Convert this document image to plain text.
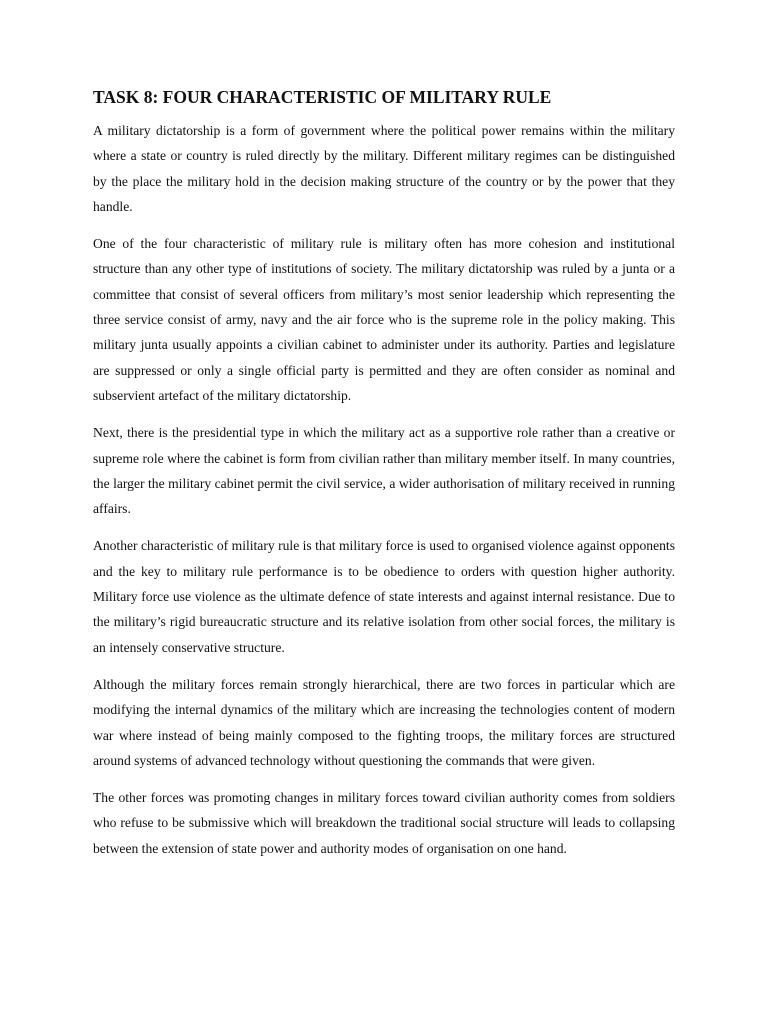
TASK 8: FOUR CHARACTERISTIC OF MILITARY RULE

A military dictatorship is a form of government where the political power remains within the military where a state or country is ruled directly by the military. Different military regimes can be distinguished by the place the military hold in the decision making structure of the country or by the power that they handle.

One of the four characteristic of military rule is military often has more cohesion and institutional structure than any other type of institutions of society. The military dictatorship was ruled by a junta or a committee that consist of several officers from military’s most senior leadership which representing the three service consist of army, navy and the air force who is the supreme role in the policy making. This military junta usually appoints a civilian cabinet to administer under its authority. Parties and legislature are suppressed or only a single official party is permitted and they are often consider as nominal and subservient artefact of the military dictatorship.

Next, there is the presidential type in which the military act as a supportive role rather than a creative or supreme role where the cabinet is form from civilian rather than military member itself. In many countries, the larger the military cabinet permit the civil service, a wider authorisation of military received in running affairs.

Another characteristic of military rule is that military force is used to organised violence against opponents and the key to military rule performance is to be obedience to orders with question higher authority. Military force use violence as the ultimate defence of state interests and against internal resistance. Due to the military’s rigid bureaucratic structure and its relative isolation from other social forces, the military is an intensely conservative structure.

Although the military forces remain strongly hierarchical, there are two forces in particular which are modifying the internal dynamics of the military which are increasing the technologies content of modern war where instead of being mainly composed to the fighting troops, the military forces are structured around systems of advanced technology without questioning the commands that were given.

The other forces was promoting changes in military forces toward civilian authority comes from soldiers who refuse to be submissive which will breakdown the traditional social structure will leads to collapsing between the extension of state power and authority modes of organisation on one hand.
